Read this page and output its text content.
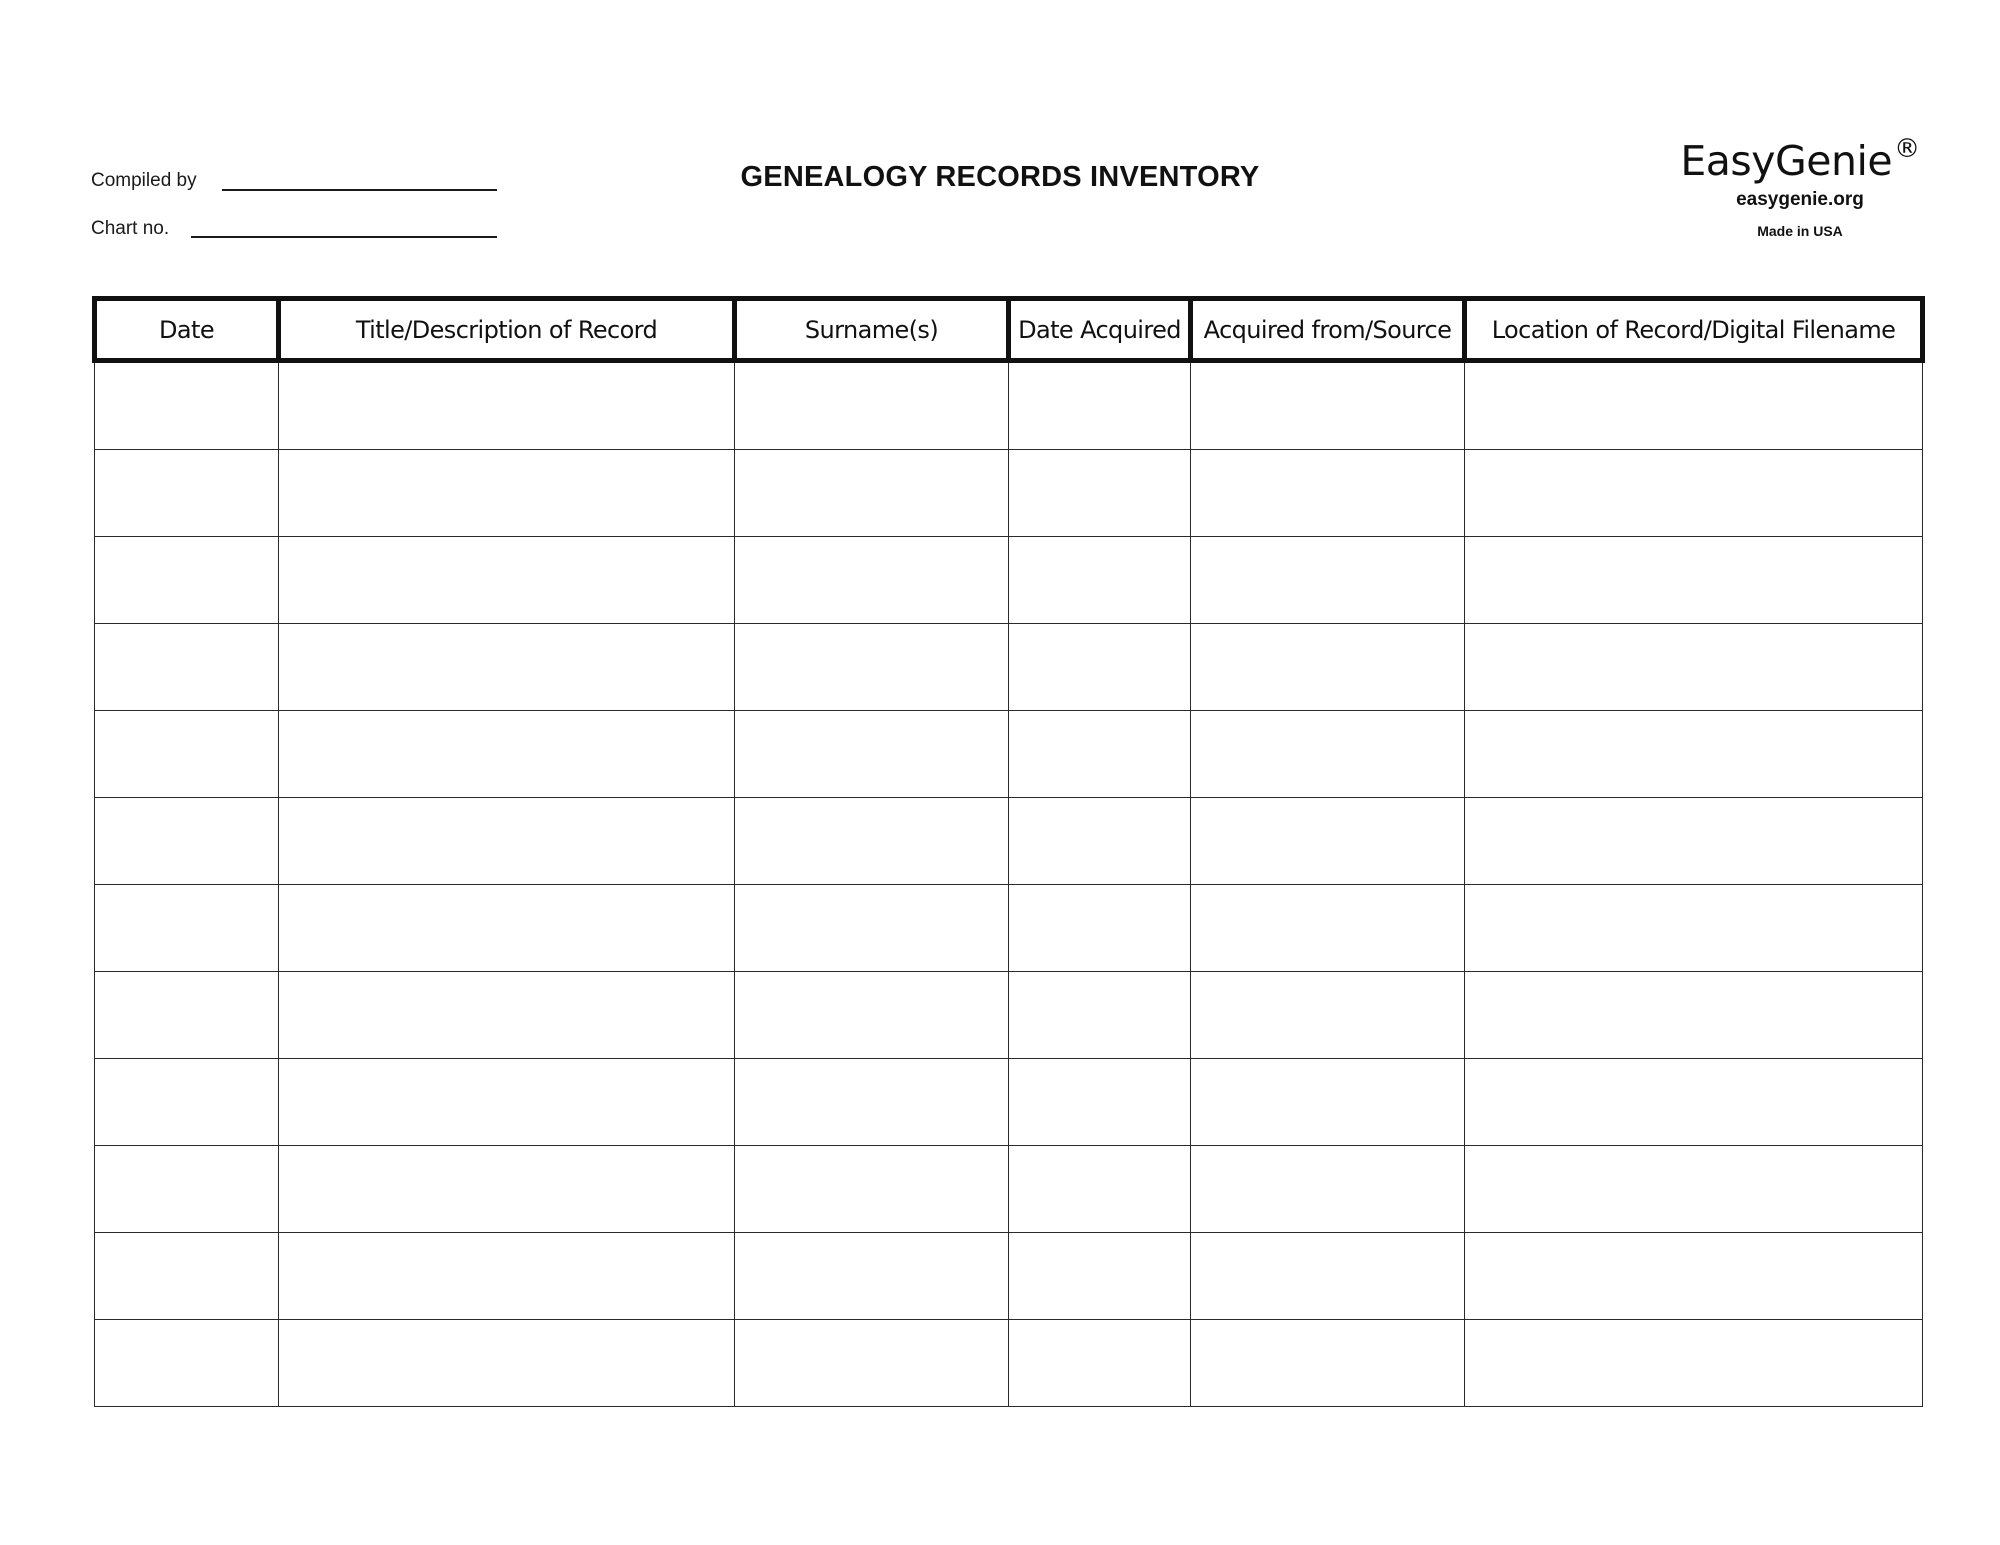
Compiled by
Chart no.
GENEALOGY RECORDS INVENTORY	EasyGenie®
easygenie.org
Made in USA
Date	Title/Description of Record	Surname(s)	Date Acquired	Acquired from/Source	Location of Record/Digital Filename
